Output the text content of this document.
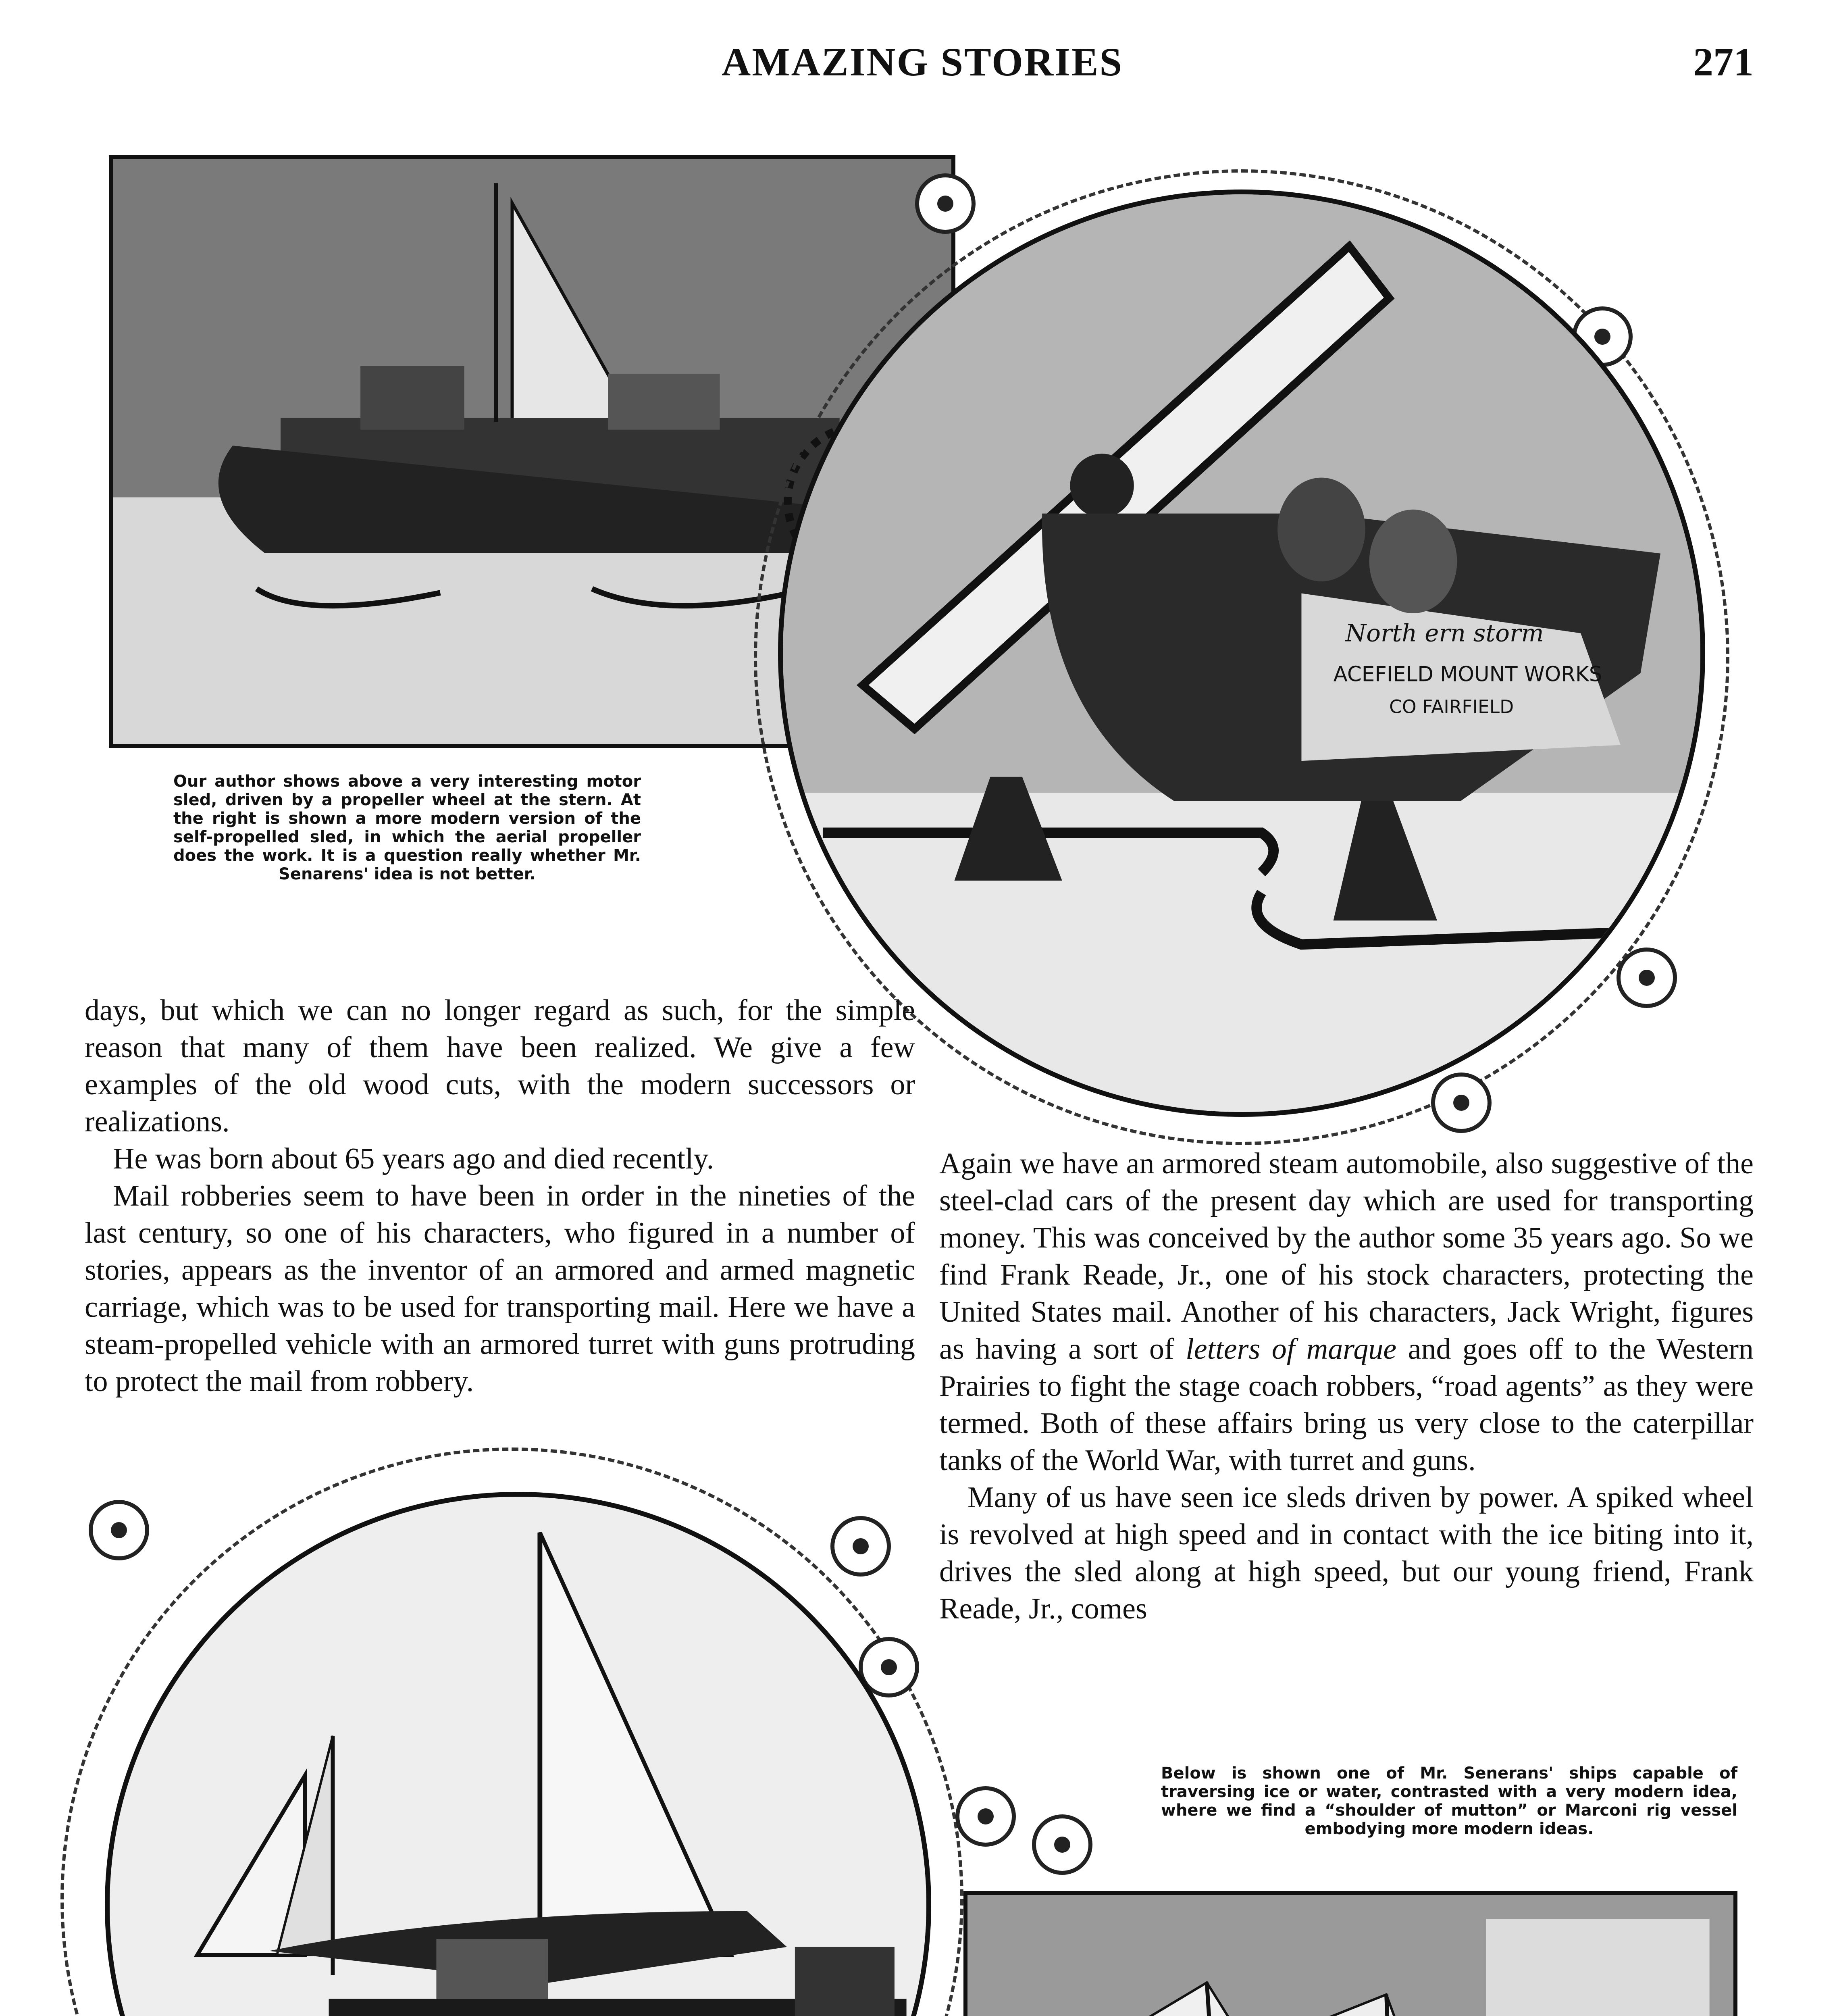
AMAZING STORIES	271
North ern storm
ACEFIELD MOUNT WORKS
CO FAIRFIELD
Our author shows above a very interesting motor sled, driven by a propeller wheel at the stern. At the right is shown a more modern version of the self-propelled sled, in which the aerial propeller does the work. It is a question really whether Mr. Senarens' idea is not better.

days, but which we can no longer regard as such, for the simple reason that many of them have been realized. We give a few examples of the old wood cuts, with the modern successors or realizations.

He was born about 65 years ago and died recently.

Mail robberies seem to have been in order in the nineties of the last century, so one of his characters, who figured in a number of stories, appears as the inventor of an armored and armed magnetic carriage, which was to be used for transporting mail. Here we have a steam-propelled vehicle with an armored turret with guns protruding to protect the mail from robbery.

Again we have an armored steam automobile, also suggestive of the steel-clad cars of the present day which are used for transporting money. This was conceived by the author some 35 years ago. So we find Frank Reade, Jr., one of his stock characters, protecting the United States mail. Another of his characters, Jack Wright, figures as having a sort of letters of marque and goes off to the Western Prairies to fight the stage coach robbers, “road agents” as they were termed. Both of these affairs bring us very close to the caterpillar tanks of the World War, with turret and guns.

Many of us have seen ice sleds driven by power. A spiked wheel is revolved at high speed and in contact with the ice biting into it, drives the sled along at high speed, but our young friend, Frank Reade, Jr., comes

Below is shown one of Mr. Senerans' ships capable of traversing ice or water, contrasted with a very modern idea, where we find a “shoulder of mutton” or Marconi rig vessel embodying more modern ideas.
